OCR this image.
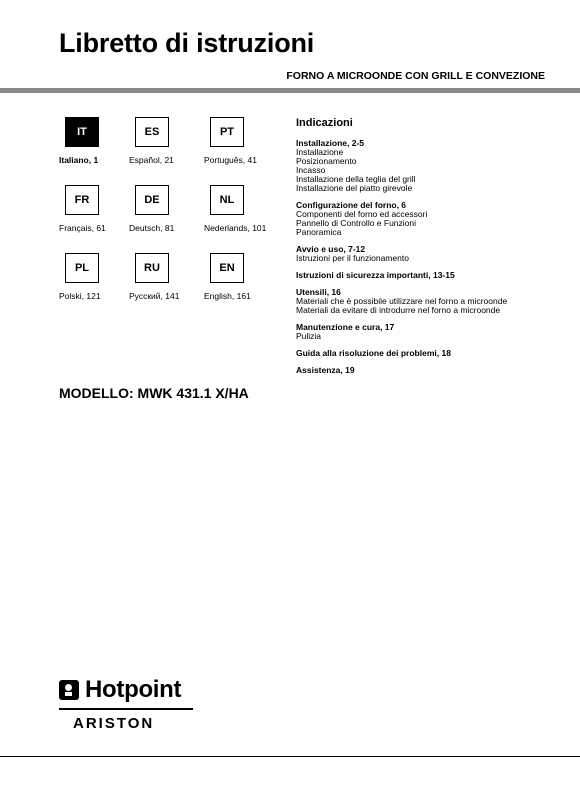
Libretto di istruzioni
FORNO A MICROONDE CON GRILL E CONVEZIONE
IT
Italiano, 1
ES
Español, 21
PT
Português, 41
FR
Français, 61
DE
Deutsch, 81
NL
Nederlands, 101
PL
Polski, 121
RU
Русский, 141
EN
English, 161
MODELLO: MWK 431.1 X/HA
Indicazioni
Installazione, 2-5
Installazione
Posizionamento
Incasso
Installazione della teglia del grill
Installazione del piatto girevole
Configurazione del forno, 6
Componenti del forno ed accessori
Pannello di Controllo e Funzioni
Panoramica
Avvio e uso, 7-12
Istruzioni per il funzionamento
Istruzioni di sicurezza importanti, 13-15
Utensili, 16
Materiali che è possibile utilizzare nel forno a microonde
Materiali da evitare di introdurre nel forno a microonde
Manutenzione e cura, 17
Pulizia
Guida alla risoluzione dei problemi, 18
Assistenza, 19
Hotpoint
ARISTON
